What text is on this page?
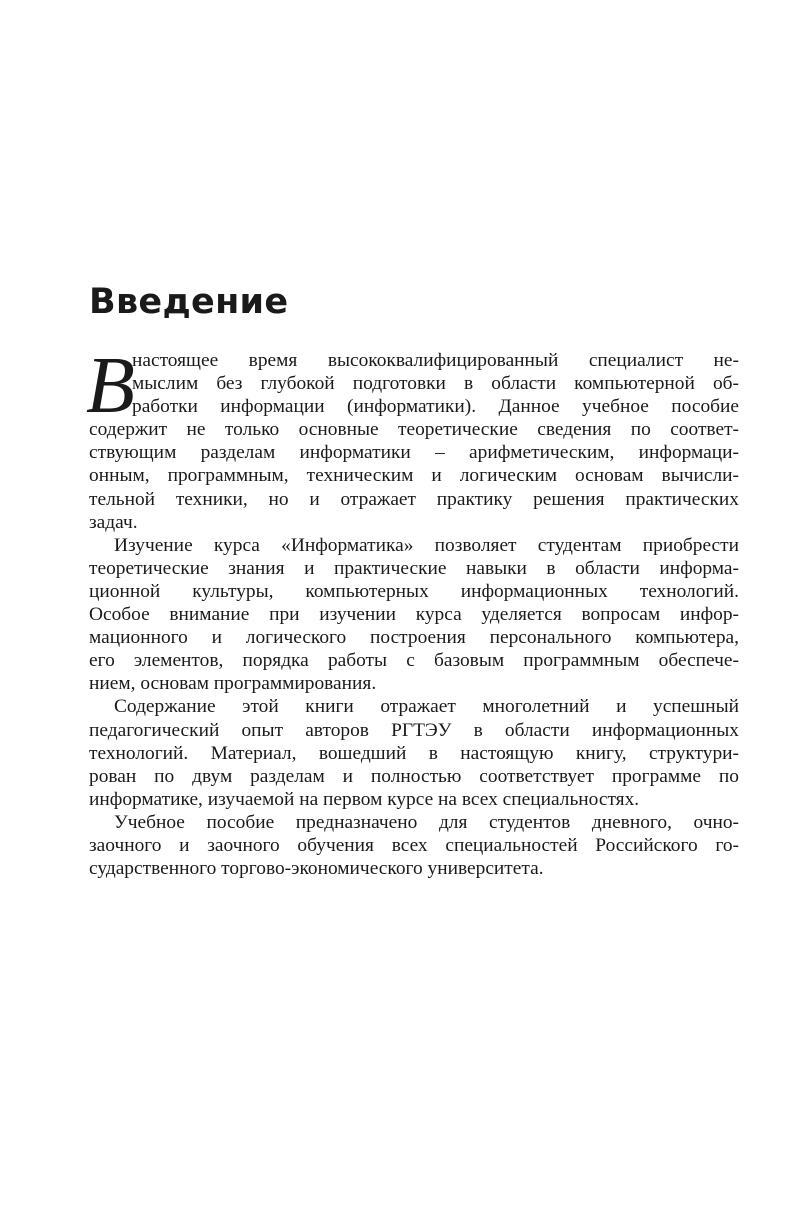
Введение
В
настоящее время высококвалифицированный специалист не-
мыслим без глубокой подготовки в области компьютерной об-
работки информации (информатики). Данное учебное пособие
содержит не только основные теоретические сведения по соответ-
ствующим разделам информатики – арифметическим, информаци-
онным, программным, техническим и логическим основам вычисли-
тельной техники, но и отражает практику решения практических
задач.
Изучение курса «Информатика» позволяет студентам приобрести
теоретические знания и практические навыки в области информа-
ционной культуры, компьютерных информационных технологий.
Особое внимание при изучении курса уделяется вопросам инфор-
мационного и логического построения персонального компьютера,
его элементов, порядка работы с базовым программным обеспече-
нием, основам программирования.
Содержание этой книги отражает многолетний и успешный
педагогический опыт авторов РГТЭУ в области информационных
технологий. Материал, вошедший в настоящую книгу, структури-
рован по двум разделам и полностью соответствует программе по
информатике, изучаемой на первом курсе на всех специальностях.
Учебное пособие предназначено для студентов дневного, очно-
заочного и заочного обучения всех специальностей Российского го-
сударственного торгово-экономического университета.
